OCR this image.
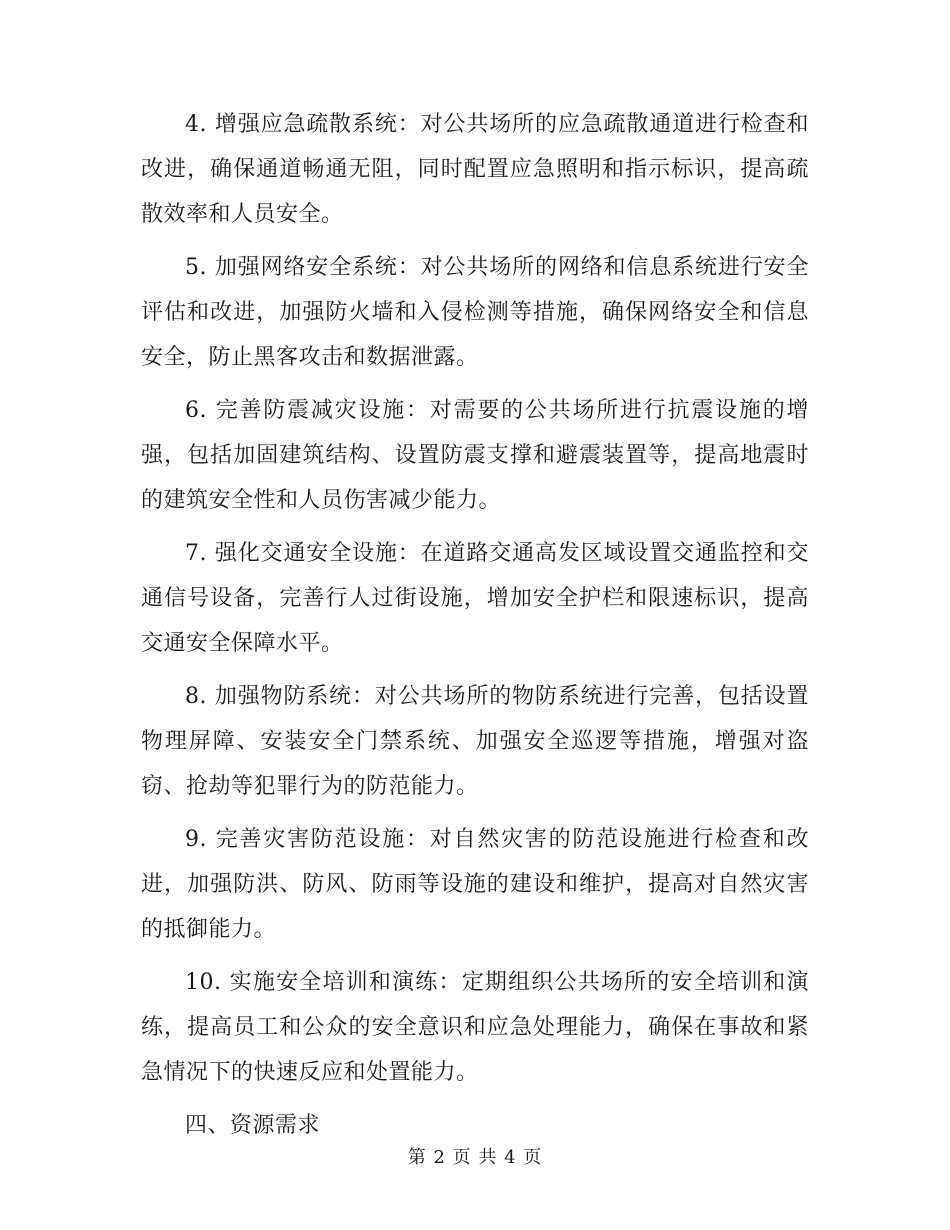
4. 增强应急疏散系统：对公共场所的应急疏散通道进行检查和改进，确保通道畅通无阻，同时配置应急照明和指示标识，提高疏散效率和人员安全。

5. 加强网络安全系统：对公共场所的网络和信息系统进行安全评估和改进，加强防火墙和入侵检测等措施，确保网络安全和信息安全，防止黑客攻击和数据泄露。

6. 完善防震减灾设施：对需要的公共场所进行抗震设施的增强，包括加固建筑结构、设置防震支撑和避震装置等，提高地震时的建筑安全性和人员伤害减少能力。

7. 强化交通安全设施：在道路交通高发区域设置交通监控和交通信号设备，完善行人过街设施，增加安全护栏和限速标识，提高交通安全保障水平。

8. 加强物防系统：对公共场所的物防系统进行完善，包括设置物理屏障、安装安全门禁系统、加强安全巡逻等措施，增强对盗窃、抢劫等犯罪行为的防范能力。

9. 完善灾害防范设施：对自然灾害的防范设施进行检查和改进，加强防洪、防风、防雨等设施的建设和维护，提高对自然灾害的抵御能力。

10. 实施安全培训和演练：定期组织公共场所的安全培训和演练，提高员工和公众的安全意识和应急处理能力，确保在事故和紧急情况下的快速反应和处置能力。

四、资源需求

第 2 页 共 4 页
